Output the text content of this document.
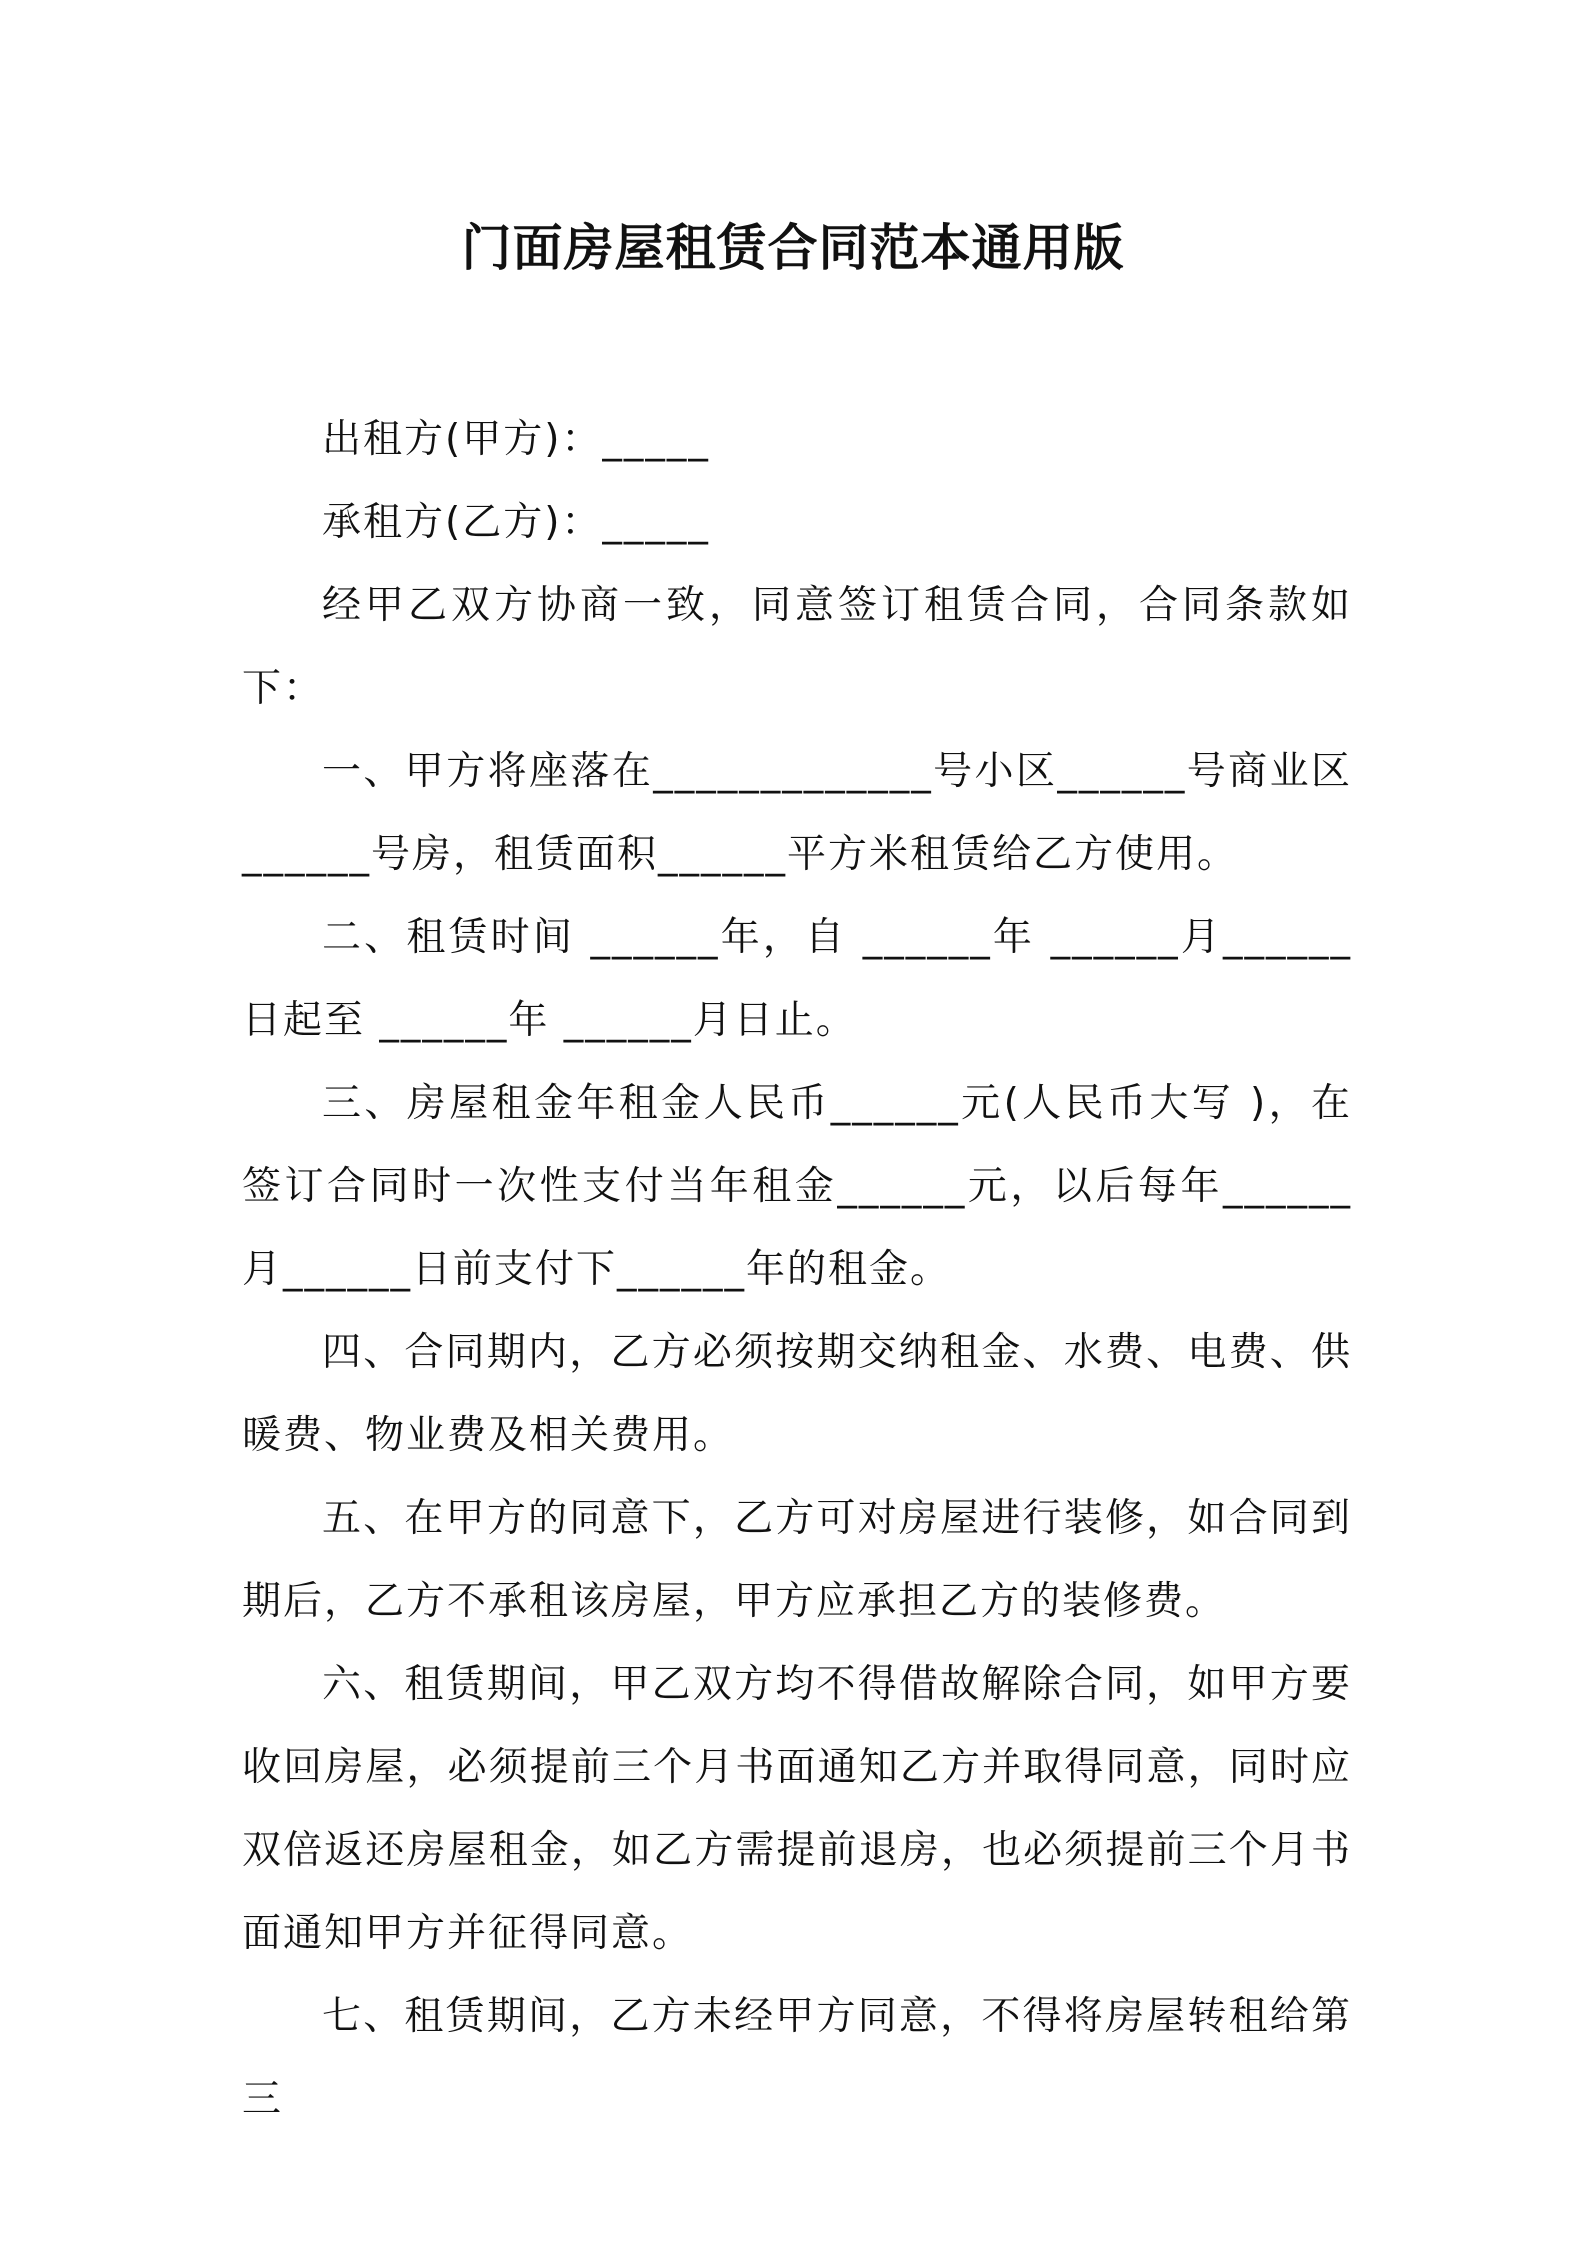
门面房屋租赁合同范本通用版

出租方(甲方)：_____

承租方(乙方)：_____

经甲乙双方协商一致，同意签订租赁合同，合同条款如下：

一、甲方将座落在_____________号小区______号商业区______号房，租赁面积______平方米租赁给乙方使用。

二、租赁时间 ______年，自 ______年 ______月______日起至 ______年 ______月日止。

三、房屋租金年租金人民币______元(人民币大写 )，在签订合同时一次性支付当年租金______元，以后每年______月______日前支付下______年的租金。

四、合同期内，乙方必须按期交纳租金、水费、电费、供暖费、物业费及相关费用。

五、在甲方的同意下，乙方可对房屋进行装修，如合同到期后，乙方不承租该房屋，甲方应承担乙方的装修费。

六、租赁期间，甲乙双方均不得借故解除合同，如甲方要收回房屋，必须提前三个月书面通知乙方并取得同意，同时应双倍返还房屋租金，如乙方需提前退房，也必须提前三个月书面通知甲方并征得同意。

七、租赁期间，乙方未经甲方同意，不得将房屋转租给第三
